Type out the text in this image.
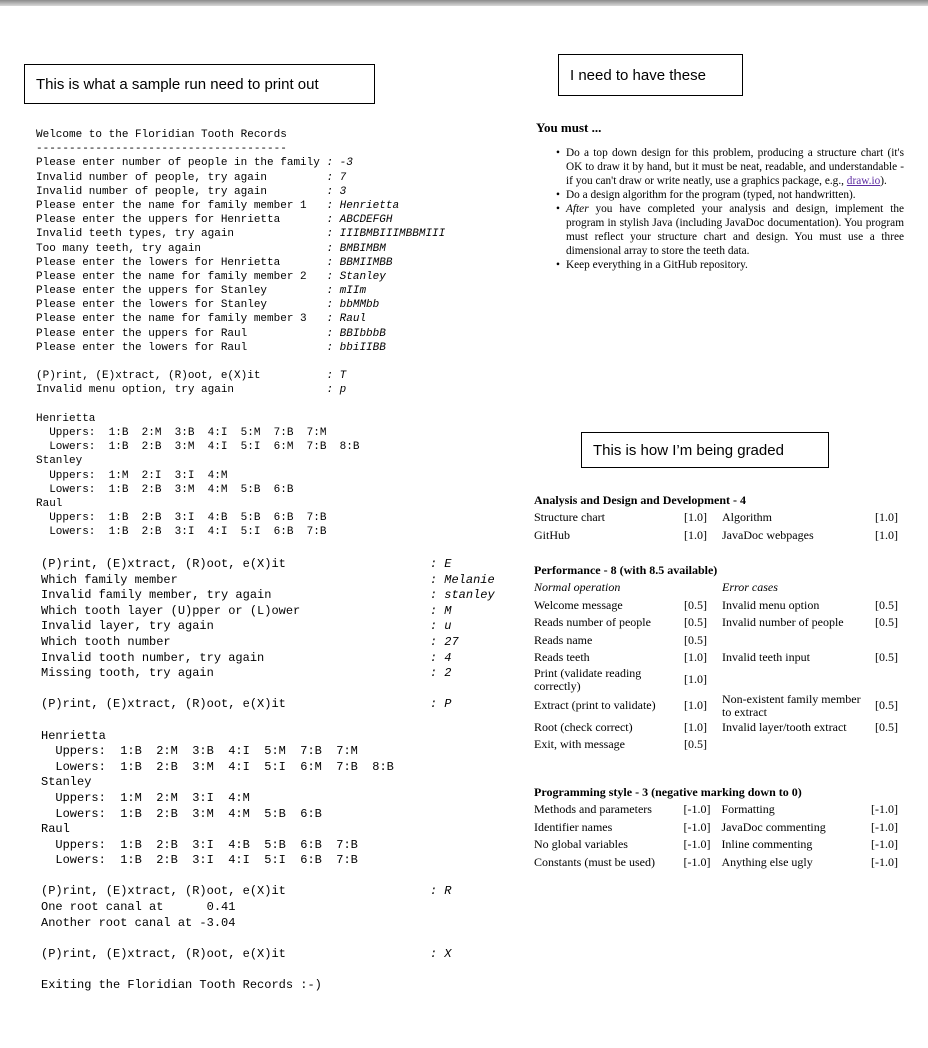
This is what a sample run need to print out
I need to have these
This is how I’m being graded
Welcome to the Floridian Tooth Records
--------------------------------------
Please enter number of people in the family : -3
Invalid number of people, try again	: 7
Invalid number of people, try again	: 3
Please enter the name for family member 1 : Henrietta
Please enter the uppers for Henrietta	: ABCDEFGH
Invalid teeth types, try again	: IIIBMBIIIMBBMIII
Too many teeth, try again	: BMBIMBM
Please enter the lowers for Henrietta	: BBMIIMBB
Please enter the name for family member 2 : Stanley
Please enter the uppers for Stanley	: mIIm
Please enter the lowers for Stanley	: bbMMbb
Please enter the name for family member 3 : Raul
Please enter the uppers for Raul	: BBIbbbB
Please enter the lowers for Raul	: bbiIIBB
(P)rint, (E)xtract, (R)oot, e(X)it	: T
Invalid menu option, try again	: p
Henrietta
Uppers:  1:B  2:M  3:B  4:I  5:M  7:B  7:M
Lowers:  1:B  2:B  3:M  4:I  5:I  6:M  7:B  8:B
Stanley
Uppers:  1:M  2:I  3:I  4:M
Lowers:  1:B  2:B  3:M  4:M  5:B  6:B
Raul
Uppers:  1:B  2:B  3:I  4:B  5:B  6:B  7:B
Lowers:  1:B  2:B  3:I  4:I  5:I  6:B  7:B
(P)rint, (E)xtract, (R)oot, e(X)it	: E
Which family member	: Melanie
Invalid family member, try again	: stanley
Which tooth layer (U)pper or (L)ower	: M
Invalid layer, try again	: u
Which tooth number	: 27
Invalid tooth number, try again	: 4
Missing tooth, try again	: 2
(P)rint, (E)xtract, (R)oot, e(X)it	: P
Henrietta
Uppers:  1:B  2:M  3:B  4:I  5:M  7:B  7:M
Lowers:  1:B  2:B  3:M  4:I  5:I  6:M  7:B  8:B
Stanley
Uppers:  1:M  2:M  3:I  4:M
Lowers:  1:B  2:B  3:M  4:M  5:B  6:B
Raul
Uppers:  1:B  2:B  3:I  4:B  5:B  6:B  7:B
Lowers:  1:B  2:B  3:I  4:I  5:I  6:B  7:B
(P)rint, (E)xtract, (R)oot, e(X)it	: R
One root canal at      0.41
Another root canal at -3.04
(P)rint, (E)xtract, (R)oot, e(X)it	: X
Exiting the Floridian Tooth Records :-)
You must ...
• Do a top down design for this problem, producing a structure chart (it's OK to draw it by hand, but it must be neat, readable, and understandable - if you can't draw or write neatly, use a graphics package, e.g., draw.io).
• Do a design algorithm for the program (typed, not handwritten).
• After you have completed your analysis and design, implement the program in stylish Java (including JavaDoc documentation). You program must reflect your structure chart and design. You must use a three dimensional array to store the teeth data.
• Keep everything in a GitHub repository.
Analysis and Design and Development - 4
Structure chart	[1.0]	Algorithm	[1.0]
GitHub	[1.0]	JavaDoc webpages	[1.0]
Performance - 8 (with 8.5 available)
Normal operation		Error cases	
Welcome message	[0.5]	Invalid menu option	[0.5]
Reads number of people	[0.5]	Invalid number of people	[0.5]
Reads name	[0.5]		
Reads teeth	[1.0]	Invalid teeth input	[0.5]
Print (validate reading correctly)	[1.0]		
Extract (print to validate)	[1.0]	Non-existent family member to extract	[0.5]
Root (check correct)	[1.0]	Invalid layer/tooth extract	[0.5]
Exit, with message	[0.5]		
Programming style - 3 (negative marking down to 0)
Methods and parameters	[-1.0]	Formatting	[-1.0]
Identifier names	[-1.0]	JavaDoc commenting	[-1.0]
No global variables	[-1.0]	Inline commenting	[-1.0]
Constants (must be used)	[-1.0]	Anything else ugly	[-1.0]
